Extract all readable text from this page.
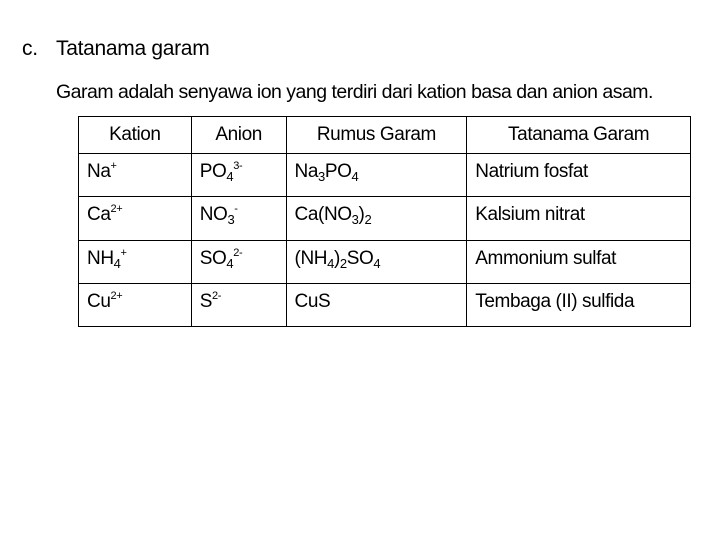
c. Tatanama garam
Garam adalah senyawa ion yang terdiri dari kation basa dan anion asam.
Kation	Anion	Rumus Garam	Tatanama Garam
Na+	$PO_4^{3-}$	$Na_3PO_4$	Natrium fosfat
$Ca^{2+}$	$NO_3^-$	$Ca(NO_3)_2$	Kalsium nitrat
$NH_4^+$	$SO_4^{2-}$	$(NH_4)_2SO_4$	Ammonium sulfat
$Cu^{2+}$	$S^{2-}$	CuS	Tembaga (II) sulfida
